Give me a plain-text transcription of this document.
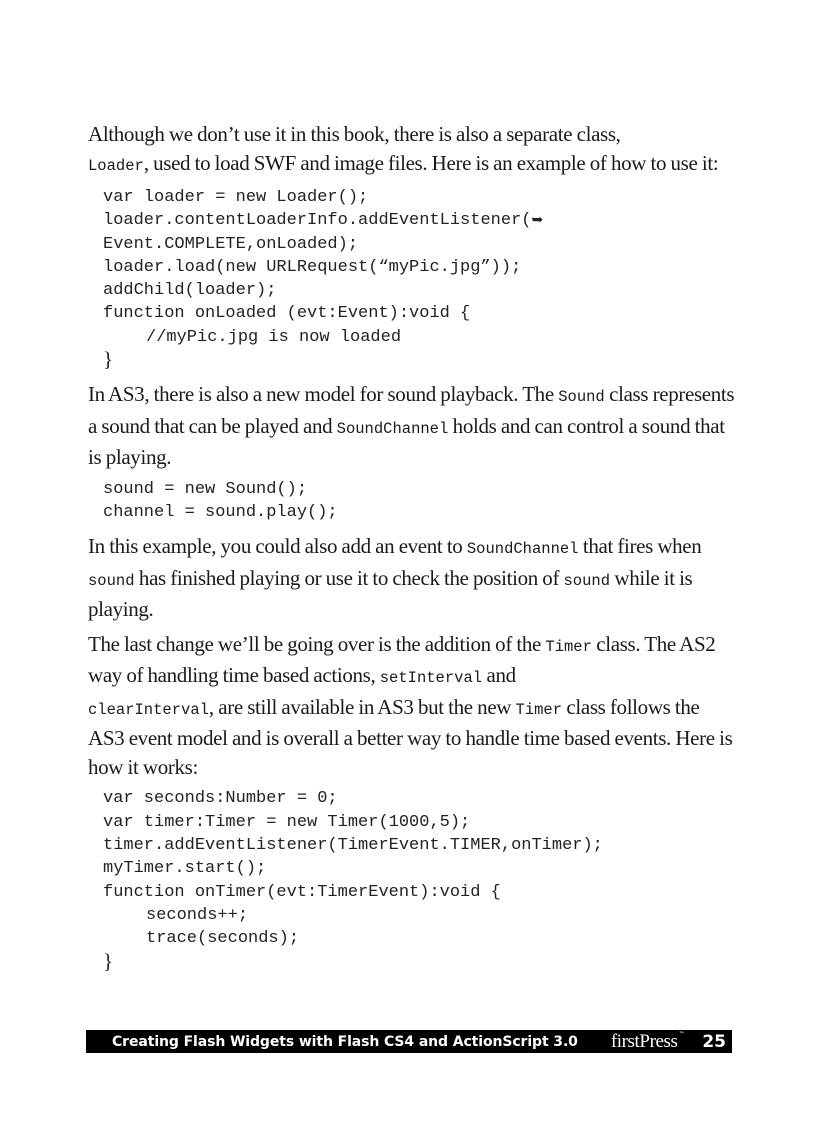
Although we don’t use it in this book, there is also a separate class,
Loader, used to load SWF and image files. Here is an example of how to use it:

var loader = new Loader();
loader.contentLoaderInfo.addEventListener(➥
Event.COMPLETE,onLoaded);
loader.load(new URLRequest(“myPic.jpg”));
addChild(loader);
function onLoaded (evt:Event):void {
//myPic.jpg is now loaded
}

In AS3, there is also a new model for sound playback. The Sound class represents a sound that can be played and SoundChannel holds and can control a sound that is playing.

sound = new Sound();
channel = sound.play();

In this example, you could also add an event to SoundChannel that fires when sound has finished playing or use it to check the position of sound while it is playing.

The last change we’ll be going over is the addition of the Timer class. The AS2 way of handling time based actions, setInterval and
clearInterval, are still available in AS3 but the new Timer class follows the AS3 event model and is overall a better way to handle time based events. Here is how it works:

var seconds:Number = 0;
var timer:Timer = new Timer(1000,5);
timer.addEventListener(TimerEvent.TIMER,onTimer);
myTimer.start();
function onTimer(evt:TimerEvent):void {
seconds++;
trace(seconds);
}
Creating Flash Widgets with Flash CS4 and ActionScript 3.0 firstPress™ 25
